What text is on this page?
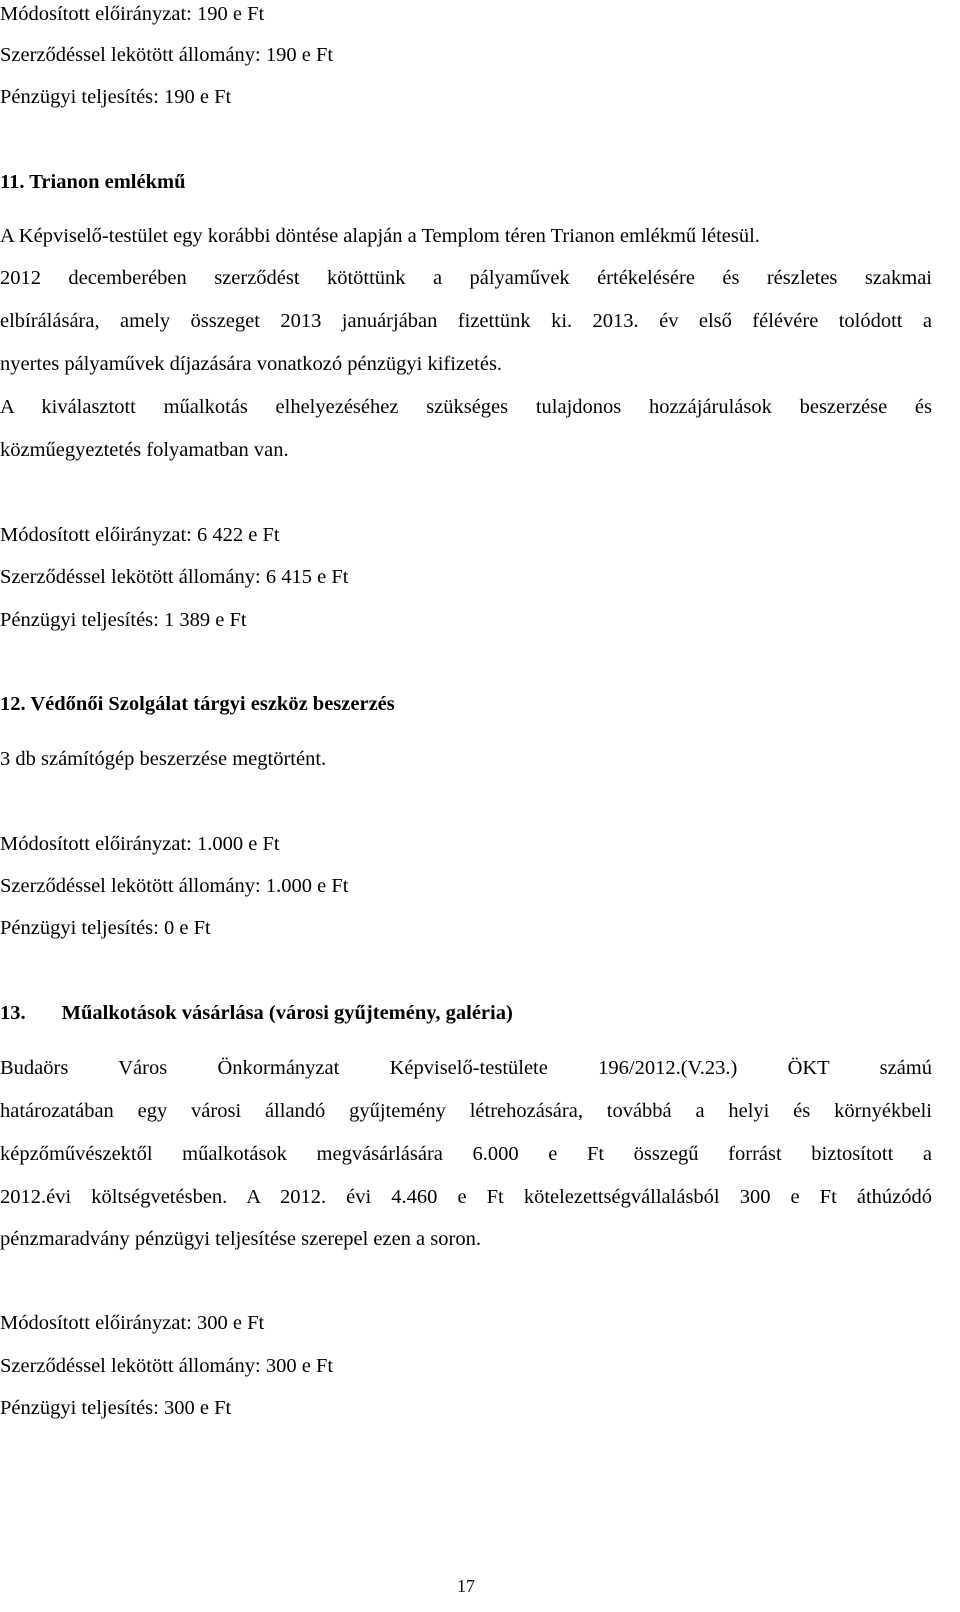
Módosított előirányzat: 190 e Ft
Szerződéssel lekötött állomány: 190 e Ft
Pénzügyi teljesítés: 190 e Ft
11. Trianon emlékmű
A Képviselő-testület egy korábbi döntése alapján a Templom téren Trianon emlékmű létesül.
2012 decemberében szerződést kötöttünk a pályaművek értékelésére és részletes szakmai
elbírálására, amely összeget 2013 januárjában fizettünk ki. 2013. év első félévére tolódott a
nyertes pályaművek díjazására vonatkozó pénzügyi kifizetés.
A kiválasztott műalkotás elhelyezéséhez szükséges tulajdonos hozzájárulások beszerzése és
közműegyeztetés folyamatban van.
Módosított előirányzat: 6 422 e Ft
Szerződéssel lekötött állomány: 6 415 e Ft
Pénzügyi teljesítés: 1 389 e Ft
12. Védőnői Szolgálat tárgyi eszköz beszerzés
3 db számítógép beszerzése megtörtént.
Módosított előirányzat: 1.000 e Ft
Szerződéssel lekötött állomány: 1.000 e Ft
Pénzügyi teljesítés: 0 e Ft
13. Műalkotások vásárlása (városi gyűjtemény, galéria)
Budaörs Város Önkormányzat Képviselő-testülete 196/2012.(V.23.) ÖKT számú
határozatában egy városi állandó gyűjtemény létrehozására, továbbá a helyi és környékbeli
képzőművészektől műalkotások megvásárlására 6.000 e Ft összegű forrást biztosított a
2012.évi költségvetésben. A 2012. évi 4.460 e Ft kötelezettségvállalásból 300 e Ft áthúzódó
pénzmaradvány pénzügyi teljesítése szerepel ezen a soron.
Módosított előirányzat: 300 e Ft
Szerződéssel lekötött állomány: 300 e Ft
Pénzügyi teljesítés: 300 e Ft
17
